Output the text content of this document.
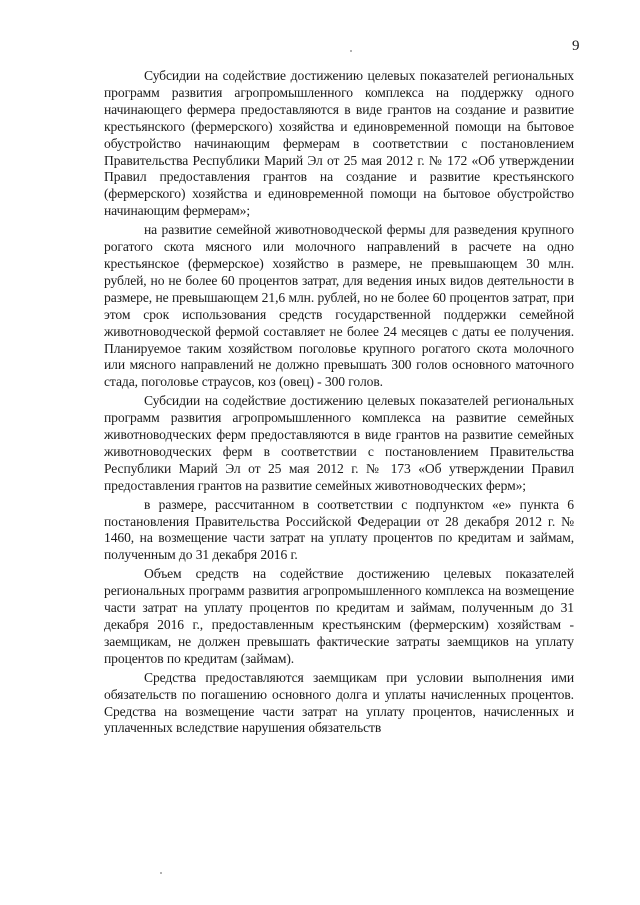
9

Субсидии на содействие достижению целевых показателей региональных программ развития агропромышленного комплекса на поддержку одного начинающего фермера предоставляются в виде грантов на создание и развитие крестьянского (фермерского) хозяйства и единовременной помощи на бытовое обустройство начинающим фермерам в соответствии с постановлением Правительства Республики Марий Эл от 25 мая 2012 г. № 172 «Об утверждении Правил предоставления грантов на создание и развитие крестьянского (фермерского) хозяйства и единовременной помощи на бытовое обустройство начинающим фермерам»;

на развитие семейной животноводческой фермы для разведения крупного рогатого скота мясного или молочного направлений в расчете на одно крестьянское (фермерское) хозяйство в размере, не превышающем 30 млн. рублей, но не более 60 процентов затрат, для ведения иных видов деятельности в размере, не превышающем 21,6 млн. рублей, но не более 60 процентов затрат, при этом срок использования средств государственной поддержки семейной животноводческой фермой составляет не более 24 месяцев с даты ее получения. Планируемое таким хозяйством поголовье крупного рогатого скота молочного или мясного направлений не должно превышать 300 голов основного маточного стада, поголовье страусов, коз (овец) - 300 голов.

Субсидии на содействие достижению целевых показателей региональных программ развития агропромышленного комплекса на развитие семейных животноводческих ферм предоставляются в виде грантов на развитие семейных животноводческих ферм в соответствии с постановлением Правительства Республики Марий Эл от 25 мая 2012 г. № 173 «Об утверждении Правил предоставления грантов на развитие семейных животноводческих ферм»;

в размере, рассчитанном в соответствии с подпунктом «е» пункта 6 постановления Правительства Российской Федерации от 28 декабря 2012 г. № 1460, на возмещение части затрат на уплату процентов по кредитам и займам, полученным до 31 декабря 2016 г.

Объем средств на содействие достижению целевых показателей региональных программ развития агропромышленного комплекса на возмещение части затрат на уплату процентов по кредитам и займам, полученным до 31 декабря 2016 г., предоставленным крестьянским (фермерским) хозяйствам - заемщикам, не должен превышать фактические затраты заемщиков на уплату процентов по кредитам (займам).

Средства предоставляются заемщикам при условии выполнения ими обязательств по погашению основного долга и уплаты начисленных процентов. Средства на возмещение части затрат на уплату процентов, начисленных и уплаченных вследствие нарушения обязательств
